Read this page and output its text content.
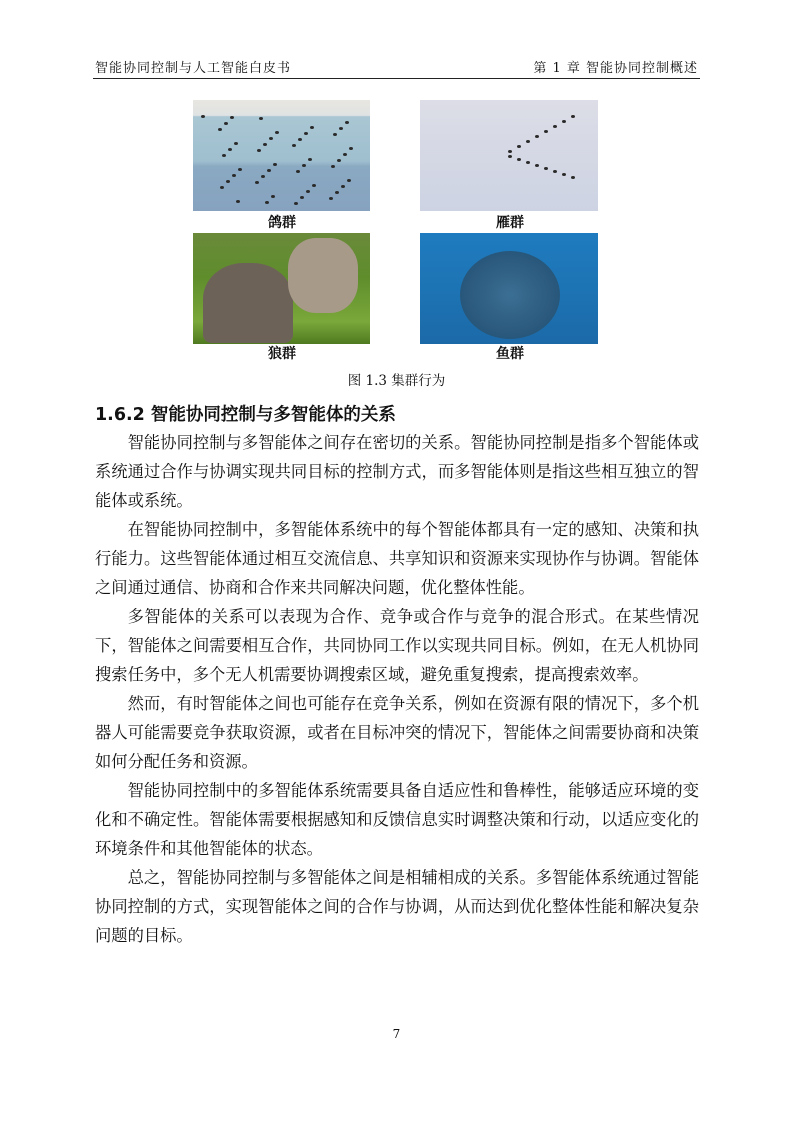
智能协同控制与人工智能白皮书	第 1 章 智能协同控制概述
鸽群	雁群
狼群	鱼群
图 1.3 集群行为
1.6.2 智能协同控制与多智能体的关系

智能协同控制与多智能体之间存在密切的关系。智能协同控制是指多个智能体或系统通过合作与协调实现共同目标的控制方式，而多智能体则是指这些相互独立的智能体或系统。

在智能协同控制中，多智能体系统中的每个智能体都具有一定的感知、决策和执行能力。这些智能体通过相互交流信息、共享知识和资源来实现协作与协调。智能体之间通过通信、协商和合作来共同解决问题，优化整体性能。

多智能体的关系可以表现为合作、竞争或合作与竞争的混合形式。在某些情况下，智能体之间需要相互合作，共同协同工作以实现共同目标。例如，在无人机协同搜索任务中，多个无人机需要协调搜索区域，避免重复搜索，提高搜索效率。

然而，有时智能体之间也可能存在竞争关系，例如在资源有限的情况下，多个机器人可能需要竞争获取资源，或者在目标冲突的情况下，智能体之间需要协商和决策如何分配任务和资源。

智能协同控制中的多智能体系统需要具备自适应性和鲁棒性，能够适应环境的变化和不确定性。智能体需要根据感知和反馈信息实时调整决策和行动，以适应变化的环境条件和其他智能体的状态。

总之，智能协同控制与多智能体之间是相辅相成的关系。多智能体系统通过智能协同控制的方式，实现智能体之间的合作与协调，从而达到优化整体性能和解决复杂问题的目标。

7
